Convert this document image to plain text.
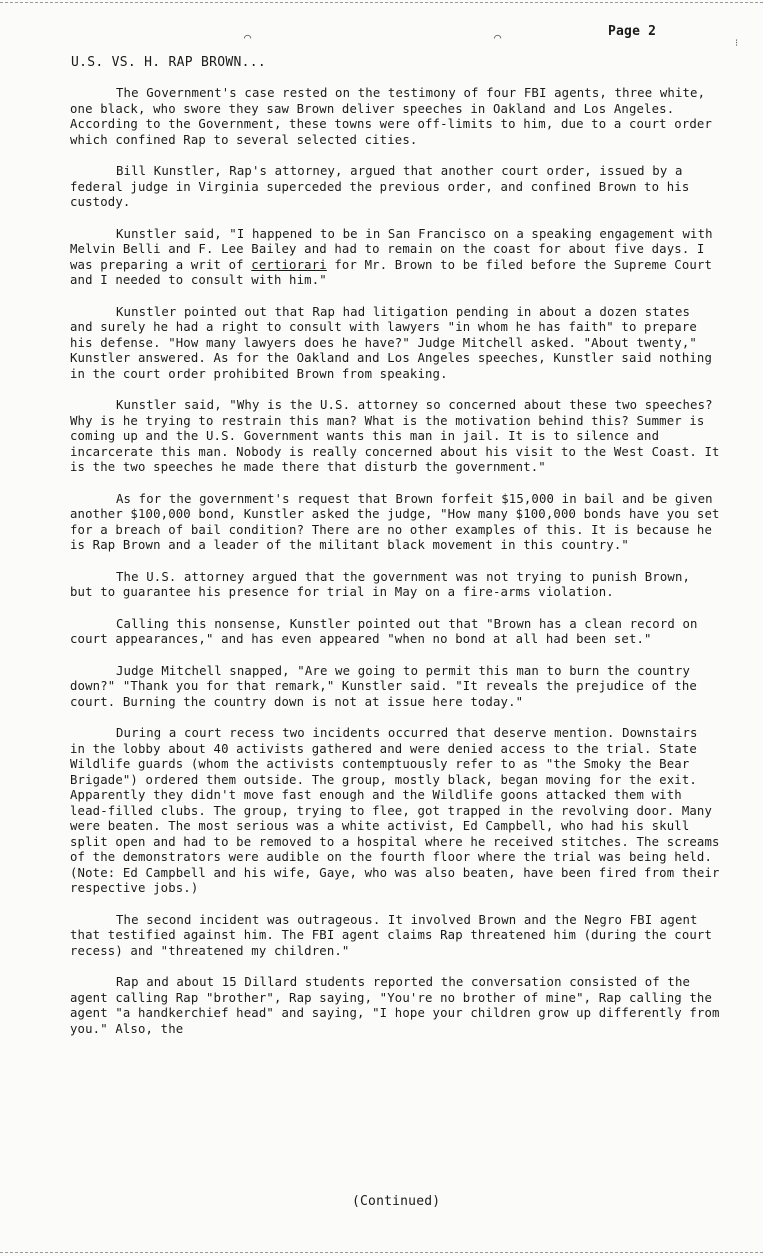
Page 2
⌒	⌒	⁝
U.S. VS. H. RAP BROWN...

The Government's case rested on the testimony of four FBI agents, three white, one black, who swore they saw Brown deliver speeches in Oakland and Los Angeles. According to the Government, these towns were off-limits to him, due to a court order which confined Rap to several selected cities.

Bill Kunstler, Rap's attorney, argued that another court order, issued by a federal judge in Virginia superceded the previous order, and confined Brown to his custody.

Kunstler said, "I happened to be in San Francisco on a speaking engagement with Melvin Belli and F. Lee Bailey and had to remain on the coast for about five days. I was preparing a writ of certiorari for Mr. Brown to be filed before the Supreme Court and I needed to consult with him."

Kunstler pointed out that Rap had litigation pending in about a dozen states and surely he had a right to consult with lawyers "in whom he has faith" to prepare his defense. "How many lawyers does he have?" Judge Mitchell asked. "About twenty," Kunstler answered. As for the Oakland and Los Angeles speeches, Kunstler said nothing in the court order prohibited Brown from speaking.

Kunstler said, "Why is the U.S. attorney so concerned about these two speeches? Why is he trying to restrain this man? What is the motivation behind this? Summer is coming up and the U.S. Government wants this man in jail. It is to silence and incarcerate this man. Nobody is really concerned about his visit to the West Coast. It is the two speeches he made there that disturb the government."

As for the government's request that Brown forfeit $15,000 in bail and be given another $100,000 bond, Kunstler asked the judge, "How many $100,000 bonds have you set for a breach of bail condition? There are no other examples of this. It is because he is Rap Brown and a leader of the militant black movement in this country."

The U.S. attorney argued that the government was not trying to punish Brown, but to guarantee his presence for trial in May on a fire-arms violation.

Calling this nonsense, Kunstler pointed out that "Brown has a clean record on court appearances," and has even appeared "when no bond at all had been set."

Judge Mitchell snapped, "Are we going to permit this man to burn the country down?" "Thank you for that remark," Kunstler said. "It reveals the prejudice of the court. Burning the country down is not at issue here today."

During a court recess two incidents occurred that deserve mention. Downstairs in the lobby about 40 activists gathered and were denied access to the trial. State Wildlife guards (whom the activists contemptuously refer to as "the Smoky the Bear Brigade") ordered them outside. The group, mostly black, began moving for the exit. Apparently they didn't move fast enough and the Wildlife goons attacked them with lead-filled clubs. The group, trying to flee, got trapped in the revolving door. Many were beaten. The most serious was a white activist, Ed Campbell, who had his skull split open and had to be removed to a hospital where he received stitches. The screams of the demonstrators were audible on the fourth floor where the trial was being held. (Note: Ed Campbell and his wife, Gaye, who was also beaten, have been fired from their respective jobs.)

The second incident was outrageous. It involved Brown and the Negro FBI agent that testified against him. The FBI agent claims Rap threatened him (during the court recess) and "threatened my children."

Rap and about 15 Dillard students reported the conversation consisted of the agent calling Rap "brother", Rap saying, "You're no brother of mine", Rap calling the agent "a handkerchief head" and saying, "I hope your children grow up differently from you." Also, the

(Continued)
